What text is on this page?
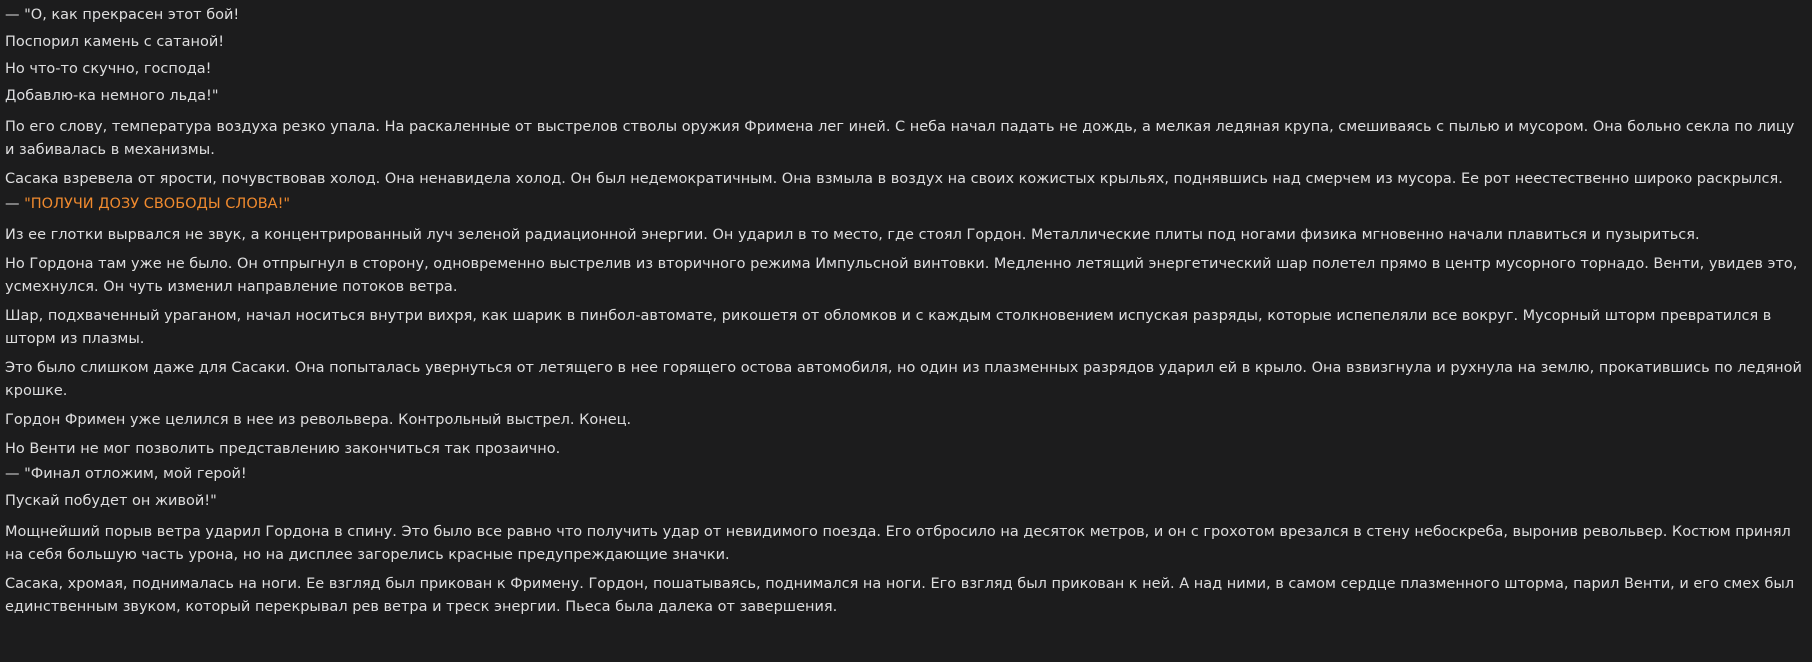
— "О, как прекрасен этот бой!

Поспорил камень с сатаной!

Но что-то скучно, господа!

Добавлю-ка немного льда!"

По его слову, температура воздуха резко упала. На раскаленные от выстрелов стволы оружия Фримена лег иней. С неба начал падать не дождь, а мелкая ледяная крупа, смешиваясь с пылью и мусором. Она больно секла по лицу и забивалась в механизмы.

Сасака взревела от ярости, почувствовав холод. Она ненавидела холод. Он был недемократичным. Она взмыла в воздух на своих кожистых крыльях, поднявшись над смерчем из мусора. Ее рот неестественно широко раскрылся.

— "ПОЛУЧИ ДОЗУ СВОБОДЫ СЛОВА!"

Из ее глотки вырвался не звук, а концентрированный луч зеленой радиационной энергии. Он ударил в то место, где стоял Гордон. Металлические плиты под ногами физика мгновенно начали плавиться и пузыриться.

Но Гордона там уже не было. Он отпрыгнул в сторону, одновременно выстрелив из вторичного режима Импульсной винтовки. Медленно летящий энергетический шар полетел прямо в центр мусорного торнадо. Венти, увидев это, усмехнулся. Он чуть изменил направление потоков ветра.

Шар, подхваченный ураганом, начал носиться внутри вихря, как шарик в пинбол-автомате, рикошетя от обломков и с каждым столкновением испуская разряды, которые испепеляли все вокруг. Мусорный шторм превратился в шторм из плазмы.

Это было слишком даже для Сасаки. Она попыталась увернуться от летящего в нее горящего остова автомобиля, но один из плазменных разрядов ударил ей в крыло. Она взвизгнула и рухнула на землю, прокатившись по ледяной крошке.

Гордон Фримен уже целился в нее из револьвера. Контрольный выстрел. Конец.

Но Венти не мог позволить представлению закончиться так прозаично.

— "Финал отложим, мой герой!

Пускай побудет он живой!"

Мощнейший порыв ветра ударил Гордона в спину. Это было все равно что получить удар от невидимого поезда. Его отбросило на десяток метров, и он с грохотом врезался в стену небоскреба, выронив револьвер. Костюм принял на себя большую часть урона, но на дисплее загорелись красные предупреждающие значки.

Сасака, хромая, поднималась на ноги. Ее взгляд был прикован к Фримену. Гордон, пошатываясь, поднимался на ноги. Его взгляд был прикован к ней. А над ними, в самом сердце плазменного шторма, парил Венти, и его смех был единственным звуком, который перекрывал рев ветра и треск энергии. Пьеса была далека от завершения.
